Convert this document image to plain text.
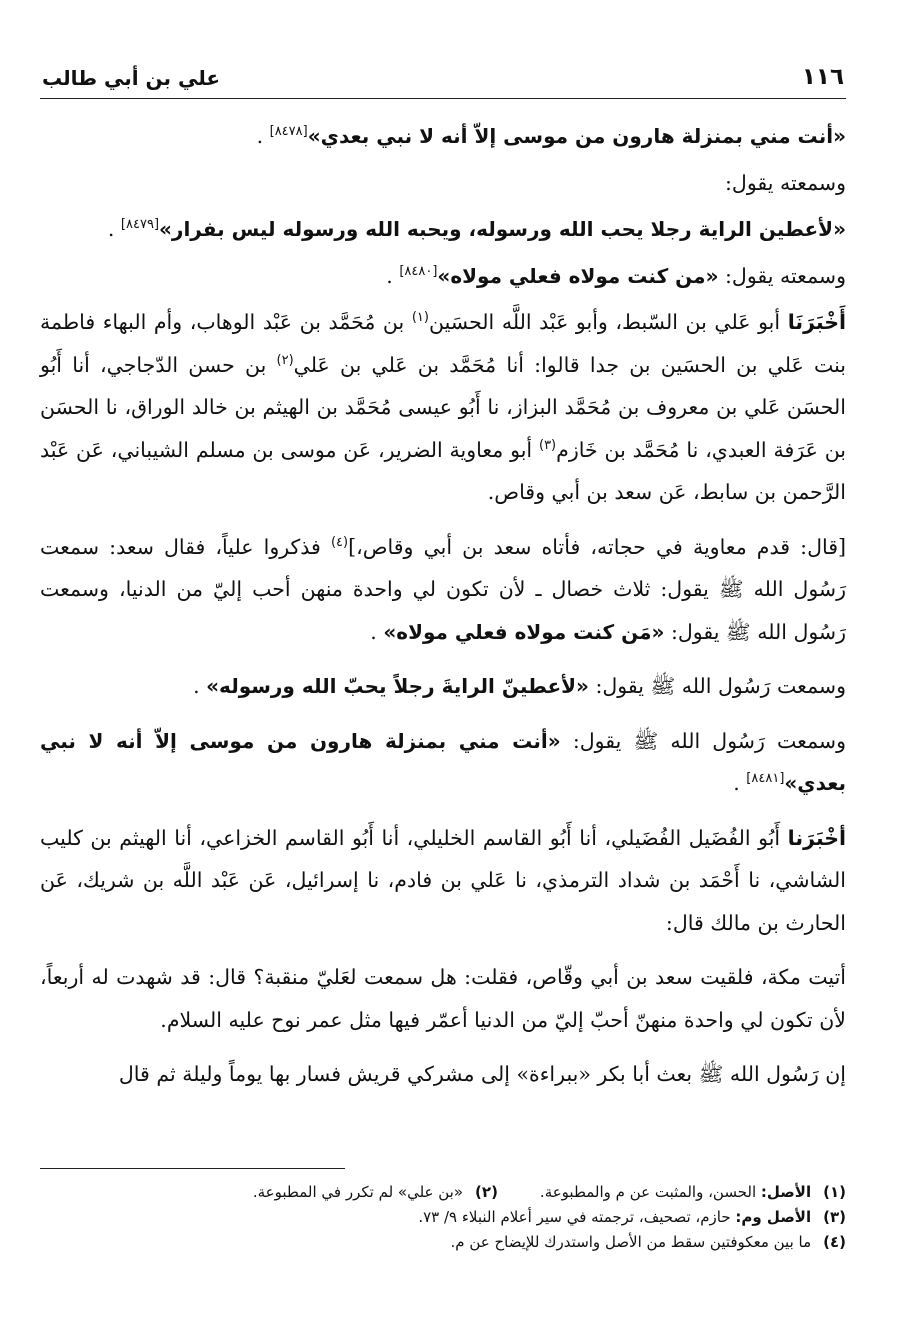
١١٦
علي بن أبي طالب

«أنت مني بمنزلة هارون من موسى إلاّ أنه لا نبي بعدي»[٨٤٧٨] .

وسمعته يقول:

«لأعطين الراية رجلا يحب الله ورسوله، ويحبه الله ورسوله ليس بفرار»[٨٤٧٩] .

وسمعته يقول: «من كنت مولاه فعلي مولاه»[٨٤٨٠] .

أَخْبَرَنَا أبو عَلي بن السّبط، وأبو عَبْد اللَّه الحسَين$^{(١)}$ بن مُحَمَّد بن عَبْد الوهاب، وأم البهاء فاطمة بنت عَلي بن الحسَين بن جدا قالوا: أنا مُحَمَّد بن عَلي بن عَلي$^{(٢)}$ بن حسن الدّجاجي، أنا أَبُو الحسَن عَلي بن معروف بن مُحَمَّد البزاز، نا أَبُو عيسى مُحَمَّد بن الهيثم بن خالد الوراق، نا الحسَن بن عَرَفة العبدي، نا مُحَمَّد بن خَازم$^{(٣)}$ أبو معاوية الضرير، عَن موسى بن مسلم الشيباني، عَن عَبْد الرَّحمن بن سابط، عَن سعد بن أبي وقاص.

[قال: قدم معاوية في حجاته، فأتاه سعد بن أبي وقاص،]$^{(٤)}$ فذكروا علياً، فقال سعد: سمعت رَسُول الله ﷺ يقول: ثلاث خصال ـ لأن تكون لي واحدة منهن أحب إليّ من الدنيا، وسمعت رَسُول الله ﷺ يقول: «مَن كنت مولاه فعلي مولاه» .

وسمعت رَسُول الله ﷺ يقول: «لأعطينّ الرايةَ رجلاً يحبّ الله ورسوله» .

وسمعت رَسُول الله ﷺ يقول: «أنت مني بمنزلة هارون من موسى إلاّ أنه لا نبي بعدي»[٨٤٨١] .

أخْبَرَنا أَبُو الفُضَيل الفُضَيلي، أنا أَبُو القاسم الخليلي، أنا أَبُو القاسم الخزاعي، أنا الهيثم بن كليب الشاشي، نا أَحْمَد بن شداد الترمذي، نا عَلي بن فادم، نا إسرائيل، عَن عَبْد اللَّه بن شريك، عَن الحارث بن مالك قال:

أتيت مكة، فلقيت سعد بن أبي وقّاص، فقلت: هل سمعت لعَليّ منقبة؟ قال: قد شهدت له أربعاً، لأن تكون لي واحدة منهنّ أحبّ إليّ من الدنيا أعمّر فيها مثل عمر نوح عليه السلام.

إن رَسُول الله ﷺ بعث أبا بكر «ببراءة» إلى مشركي قريش فسار بها يوماً وليلة ثم قال

(١)الأصل: الحسن، والمثبت عن م والمطبوعة.
(٢)«بن علي» لم تكرر في المطبوعة.
(٣)الأصل وم: حازم، تصحيف، ترجمته في سير أعلام النبلاء ٩/ ٧٣.
(٤)ما بين معكوفتين سقط من الأصل واستدرك للإيضاح عن م.
